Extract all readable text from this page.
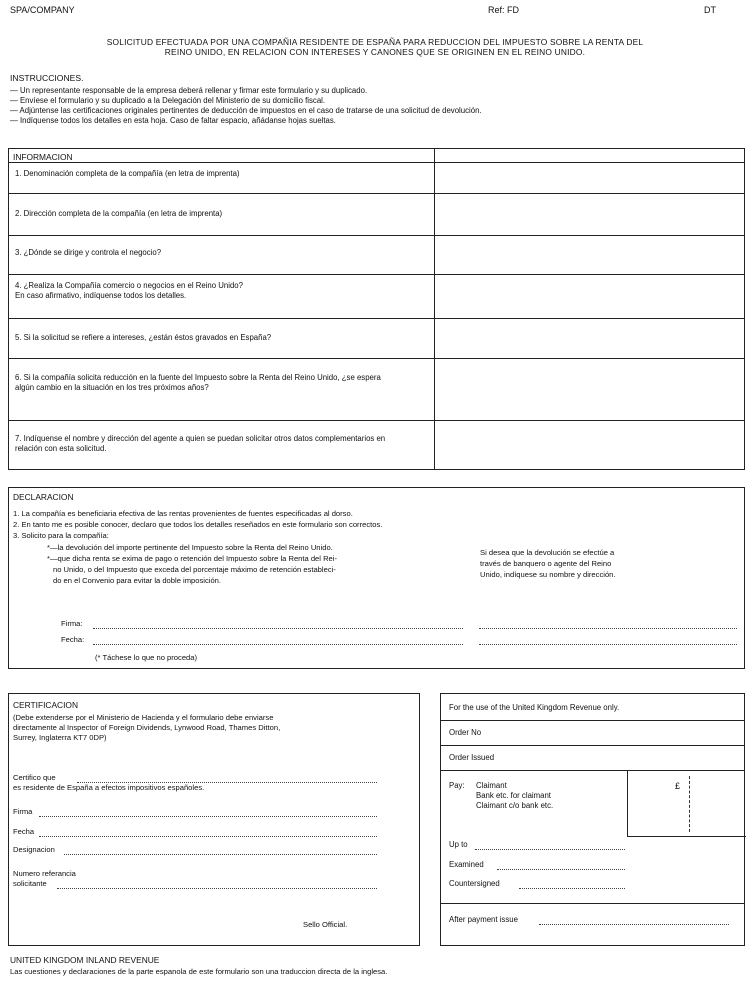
SPA/COMPANY	Ref: FD	DT
SOLICITUD EFECTUADA POR UNA COMPAÑIA RESIDENTE DE ESPAÑA PARA REDUCCION DEL IMPUESTO SOBRE LA RENTA DEL
REINO UNIDO, EN RELACION CON INTERESES Y CANONES QUE SE ORIGINEN EN EL REINO UNIDO.
INSTRUCCIONES.
— Un representante responsable de la empresa deberá rellenar y firmar este formulario y su duplicado.
— Envíese el formulario y su duplicado a la Delegación del Ministerio de su domicilio fiscal.
— Adjúntense las certificaciones originales pertinentes de deducción de impuestos en el caso de tratarse de una solicitud de devolución.
— Indíquense todos los detalles en esta hoja. Caso de faltar espacio, añádanse hojas sueltas.
INFORMACION
1. Denominación completa de la compañía (en letra de imprenta)
2. Dirección completa de la compañía (en letra de imprenta)
3. ¿Dónde se dirige y controla el negocio?
4. ¿Realiza la Compañía comercio o negocios en el Reino Unido? En caso afirmativo, indíquense todos los detalles.
5. Si la solicitud se refiere a intereses, ¿están éstos gravados en España?
6. Si la compañía solicita reducción en la fuente del Impuesto sobre la Renta del Reino Unido, ¿se espera algún cambio en la situación en los tres próximos años?
7. Indíquense el nombre y dirección del agente a quien se puedan solicitar otros datos complementarios en relación con esta solicitud.
DECLARACION
1. La compañía es beneficiaria efectiva de las rentas provenientes de fuentes especificadas al dorso.
2. En tanto me es posible conocer, declaro que todos los detalles reseñados en este formulario son correctos.
3. Solicito para la compañía:
*—la devolución del importe pertinente del Impuesto sobre la Renta del Reino Unido.
*—que dicha renta se exima de pago o retención del Impuesto sobre la Renta del Rei-
no Unido, o del Impuesto que exceda del porcentaje máximo de retención estableci-
do en el Convenio para evitar la doble imposición.
Si desea que la devolución se efectúe a
través de banquero o agente del Reino
Unido, indíquese su nombre y dirección.
Firma:
Fecha:
(* Táchese lo que no proceda)
CERTIFICACION
(Debe extenderse por el Ministerio de Hacienda y el formulario debe enviarse
directamente al Inspector of Foreign Dividends, Lynwood Road, Thames Ditton,
Surrey, Inglaterra KT7 0DP)
Certifico que
es residente de España a efectos impositivos españoles.
Firma
Fecha
Designacion
Numero referancia
solicitante
Sello Official.
For the use of the United Kingdom Revenue only.
Order No
Order Issued
Pay: Claimant
Bank etc. for claimant
Claimant c/o bank etc.
£
Up to
Examined
Countersigned
After payment issue
UNITED KINGDOM INLAND REVENUE
Las cuestiones y declaraciones de la parte espanola de este formulario son una traduccion directa de la inglesa.
